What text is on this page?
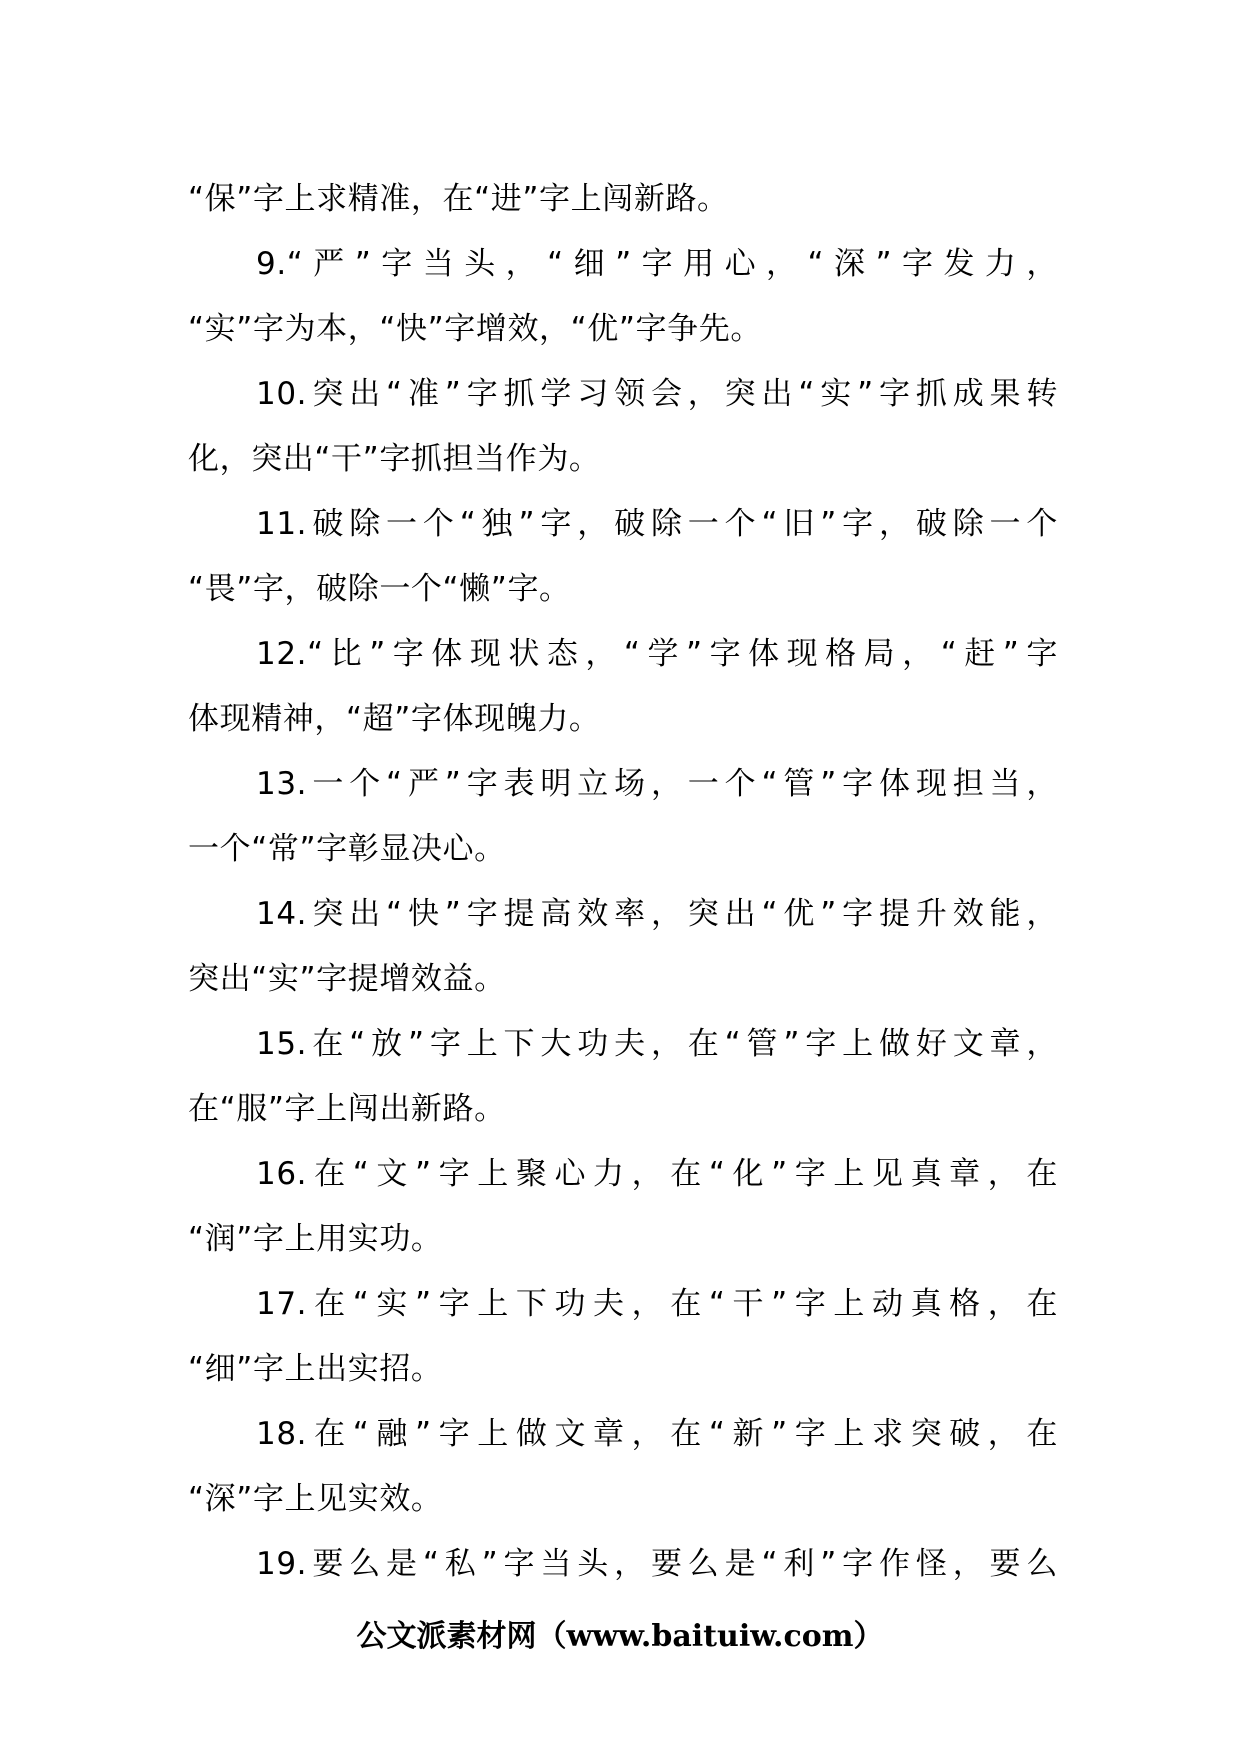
“保”字上求精准，在“进”字上闯新路。
9.“严”字当头，“细”字用心，“深”字发力，
“实”字为本，“快”字增效，“优”字争先。
10.突出“准”字抓学习领会，突出“实”字抓成果转
化，突出“干”字抓担当作为。
11.破除一个“独”字，破除一个“旧”字，破除一个
“畏”字，破除一个“懒”字。
12.“比”字体现状态，“学”字体现格局，“赶”字
体现精神，“超”字体现魄力。
13.一个“严”字表明立场，一个“管”字体现担当，
一个“常”字彰显决心。
14.突出“快”字提高效率，突出“优”字提升效能，
突出“实”字提增效益。
15.在“放”字上下大功夫，在“管”字上做好文章，
在“服”字上闯出新路。
16.在“文”字上聚心力，在“化”字上见真章，在
“润”字上用实功。
17.在“实”字上下功夫，在“干”字上动真格，在
“细”字上出实招。
18.在“融”字上做文章，在“新”字上求突破，在
“深”字上见实效。
19.要么是“私”字当头，要么是“利”字作怪，要么
公文派素材网（www.baituiw.com）
